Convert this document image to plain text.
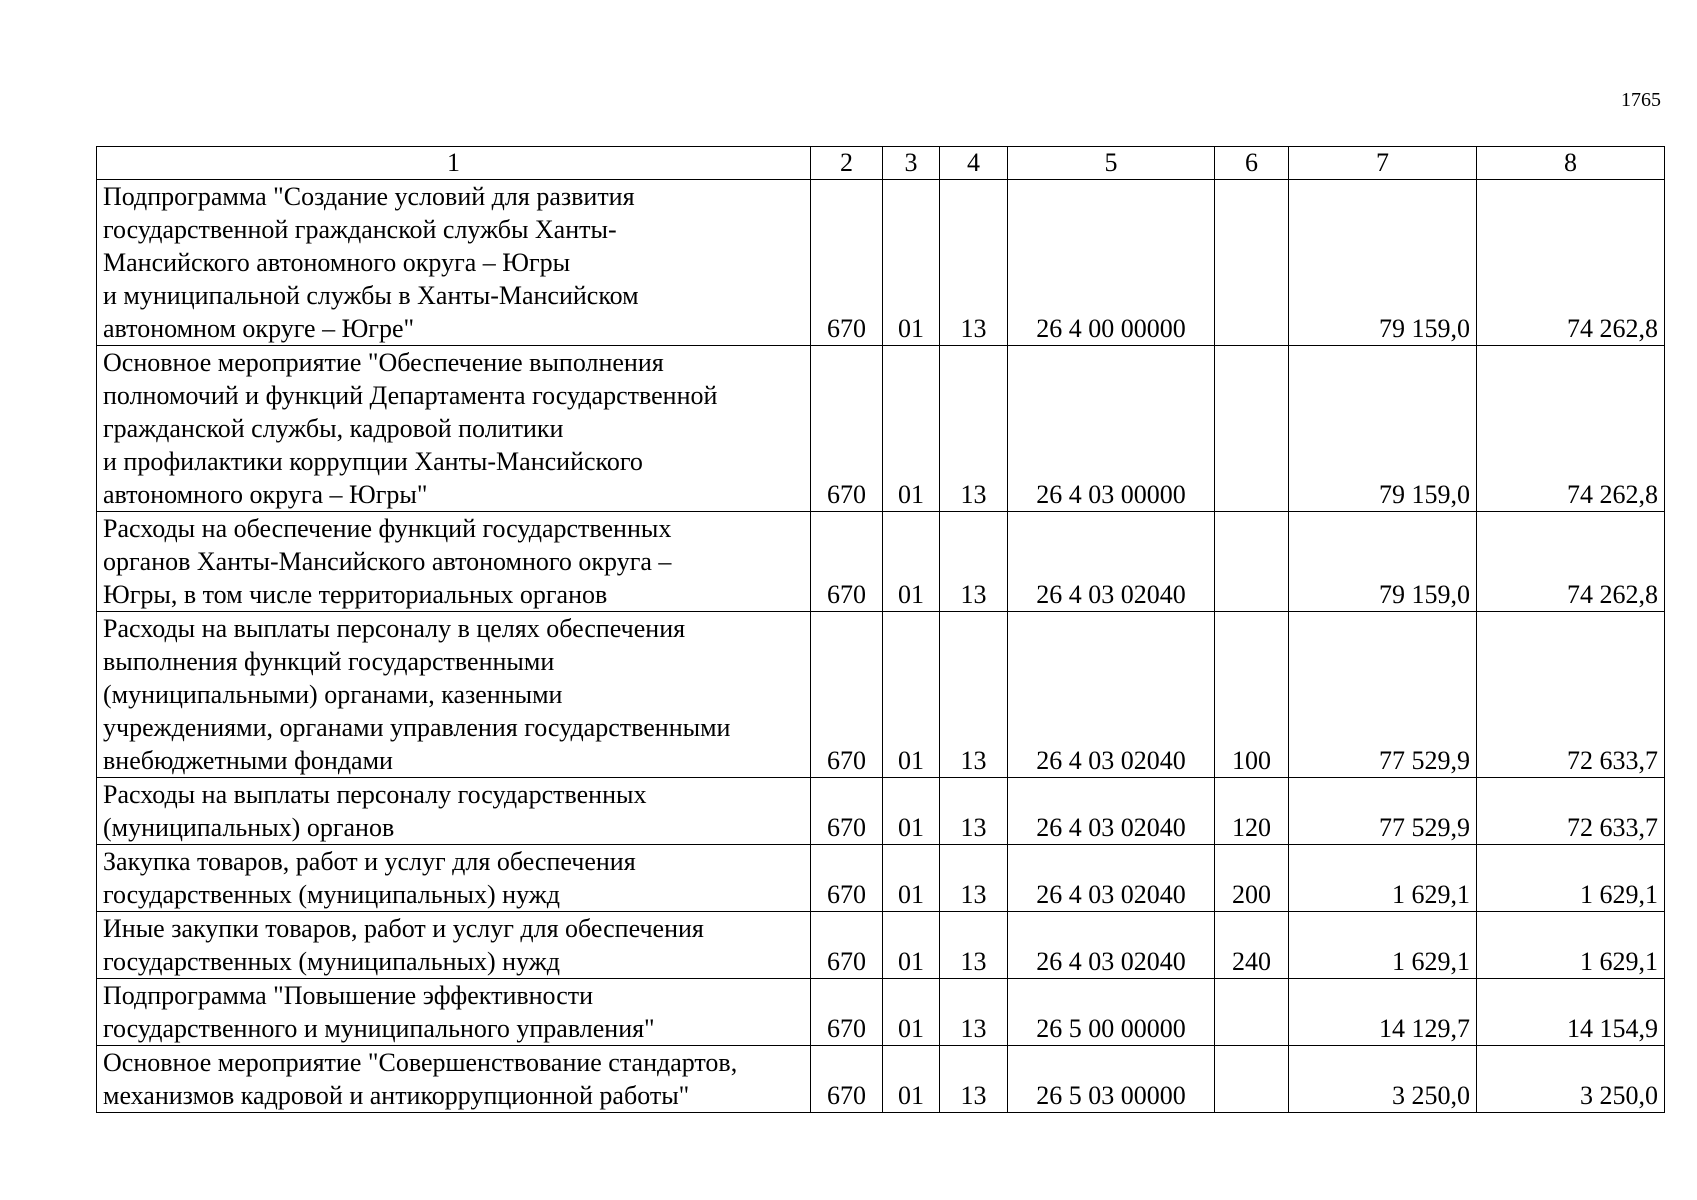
1765
1	2	3	4	5	6	7	8
Подпрограмма "Создание условий для развития
государственной гражданской службы Ханты-
Мансийского автономного округа – Югры
и муниципальной службы в Ханты-Мансийском
автономном округе – Югре"	670	01	13	26 4 00 00000		79 159,0	74 262,8
Основное мероприятие "Обеспечение выполнения
полномочий и функций Департамента государственной
гражданской службы, кадровой политики
и профилактики коррупции Ханты-Мансийского
автономного округа – Югры"	670	01	13	26 4 03 00000		79 159,0	74 262,8
Расходы на обеспечение функций государственных
органов Ханты-Мансийского автономного округа –
Югры, в том числе территориальных органов	670	01	13	26 4 03 02040		79 159,0	74 262,8
Расходы на выплаты персоналу в целях обеспечения
выполнения функций государственными
(муниципальными) органами, казенными
учреждениями, органами управления государственными
внебюджетными фондами	670	01	13	26 4 03 02040	100	77 529,9	72 633,7
Расходы на выплаты персоналу государственных
(муниципальных) органов	670	01	13	26 4 03 02040	120	77 529,9	72 633,7
Закупка товаров, работ и услуг для обеспечения
государственных (муниципальных) нужд	670	01	13	26 4 03 02040	200	1 629,1	1 629,1
Иные закупки товаров, работ и услуг для обеспечения
государственных (муниципальных) нужд	670	01	13	26 4 03 02040	240	1 629,1	1 629,1
Подпрограмма "Повышение эффективности
государственного и муниципального управления"	670	01	13	26 5 00 00000		14 129,7	14 154,9
Основное мероприятие "Совершенствование стандартов,
механизмов кадровой и антикоррупционной работы"	670	01	13	26 5 03 00000		3 250,0	3 250,0
